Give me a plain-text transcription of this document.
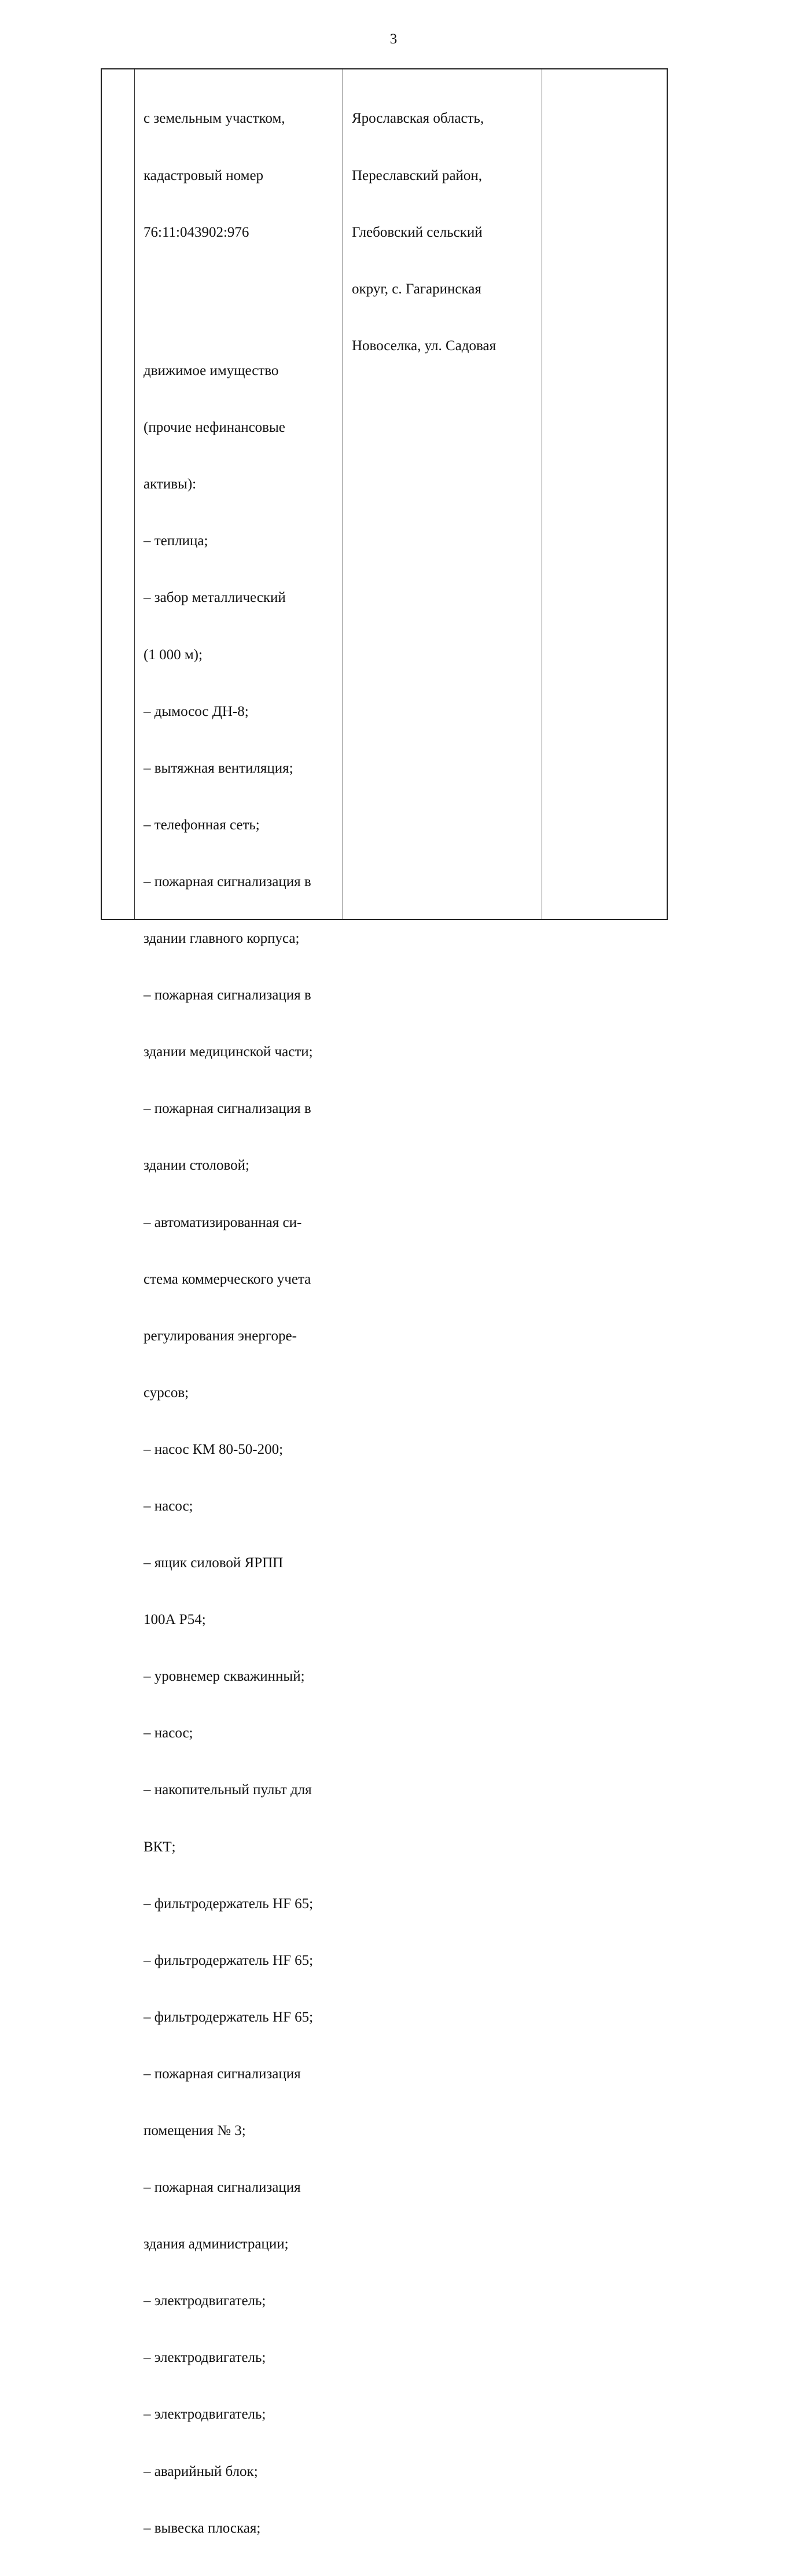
3

с земельным участком,

кадастровый номер

76:11:043902:976

движимое имущество

(прочие нефинансовые

активы):

– теплица;

– забор металлический

(1 000 м);

– дымосос ДН-8;

– вытяжная вентиляция;

– телефонная сеть;

– пожарная сигнализация в

здании главного корпуса;

– пожарная сигнализация в

здании медицинской части;

– пожарная сигнализация в

здании столовой;

– автоматизированная си-

стема коммерческого учета

регулирования энергоре-

сурсов;

– насос КМ 80-50-200;

– насос;

– ящик силовой ЯРПП

100А Р54;

– уровнемер скважинный;

– насос;

– накопительный пульт для

ВКТ;

– фильтродержатель HF 65;

– фильтродержатель HF 65;

– фильтродержатель HF 65;

– пожарная сигнализация

помещения № 3;

– пожарная сигнализация

здания администрации;

– электродвигатель;

– электродвигатель;

– электродвигатель;

– аварийный блок;

– вывеска плоская;

Ярославская область,

Переславский район,

Глебовский сельский

округ, с. Гагаринская

Новоселка, ул. Садовая
